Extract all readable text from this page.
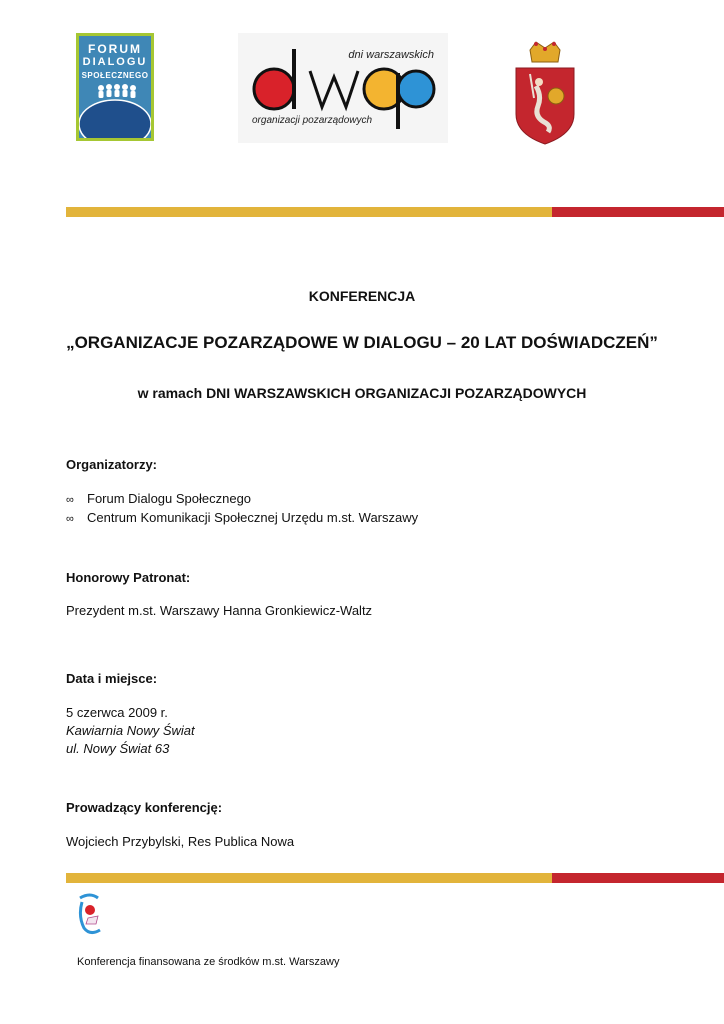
FORUM
DIALOGU
SPOŁECZNEGO
dni warszawskich
organizacji pozarządowych
KONFERENCJA
„ORGANIZACJE POZARZĄDOWE W DIALOGU – 20 LAT DOŚWIADCZEŃ”
w ramach DNI WARSZAWSKICH ORGANIZACJI POZARZĄDOWYCH
Organizatorzy:
∞ Forum Dialogu Społecznego
∞ Centrum Komunikacji Społecznej Urzędu m.st. Warszawy
Honorowy Patronat:
Prezydent m.st. Warszawy Hanna Gronkiewicz-Waltz
Data i miejsce:
5 czerwca 2009 r.
Kawiarnia Nowy Świat
ul. Nowy Świat 63
Prowadzący konferencję:
Wojciech Przybylski, Res Publica Nowa
Konferencja finansowana ze środków m.st. Warszawy
